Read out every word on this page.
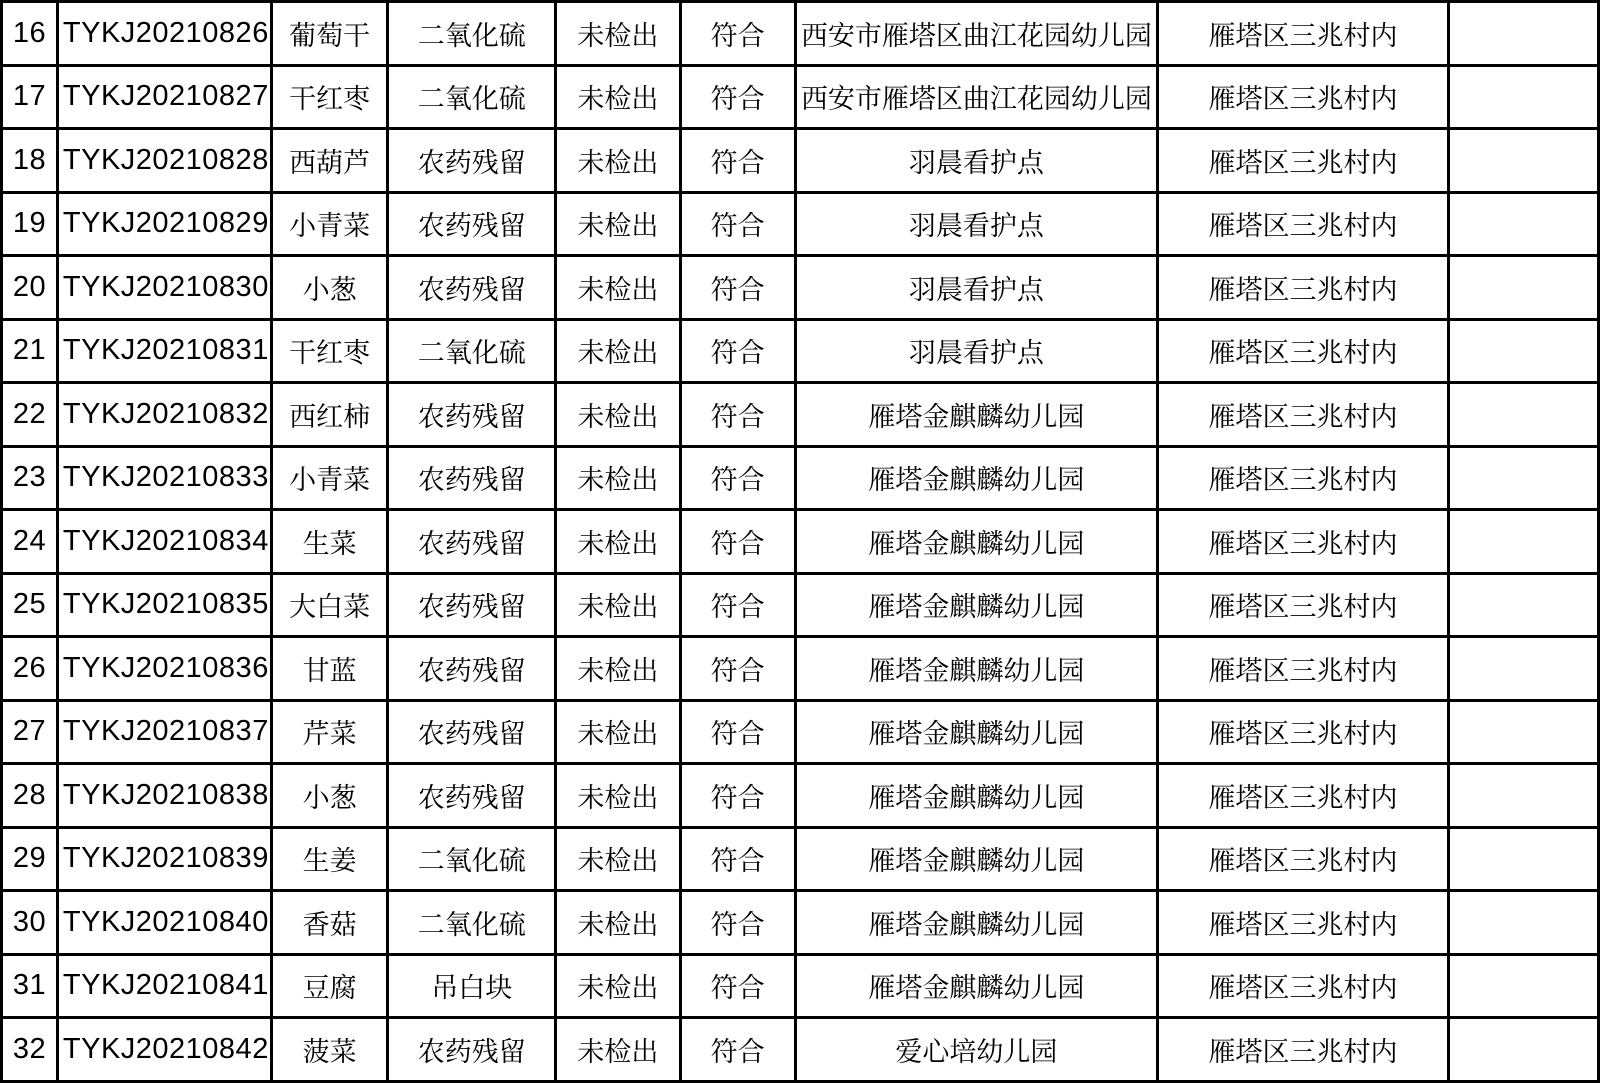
16	TYKJ20210826	葡萄干	二氧化硫	未检出	符合	西安市雁塔区曲江花园幼儿园	雁塔区三兆村内	
17	TYKJ20210827	干红枣	二氧化硫	未检出	符合	西安市雁塔区曲江花园幼儿园	雁塔区三兆村内	
18	TYKJ20210828	西葫芦	农药残留	未检出	符合	羽晨看护点	雁塔区三兆村内	
19	TYKJ20210829	小青菜	农药残留	未检出	符合	羽晨看护点	雁塔区三兆村内	
20	TYKJ20210830	小葱	农药残留	未检出	符合	羽晨看护点	雁塔区三兆村内	
21	TYKJ20210831	干红枣	二氧化硫	未检出	符合	羽晨看护点	雁塔区三兆村内	
22	TYKJ20210832	西红柿	农药残留	未检出	符合	雁塔金麒麟幼儿园	雁塔区三兆村内	
23	TYKJ20210833	小青菜	农药残留	未检出	符合	雁塔金麒麟幼儿园	雁塔区三兆村内	
24	TYKJ20210834	生菜	农药残留	未检出	符合	雁塔金麒麟幼儿园	雁塔区三兆村内	
25	TYKJ20210835	大白菜	农药残留	未检出	符合	雁塔金麒麟幼儿园	雁塔区三兆村内	
26	TYKJ20210836	甘蓝	农药残留	未检出	符合	雁塔金麒麟幼儿园	雁塔区三兆村内	
27	TYKJ20210837	芹菜	农药残留	未检出	符合	雁塔金麒麟幼儿园	雁塔区三兆村内	
28	TYKJ20210838	小葱	农药残留	未检出	符合	雁塔金麒麟幼儿园	雁塔区三兆村内	
29	TYKJ20210839	生姜	二氧化硫	未检出	符合	雁塔金麒麟幼儿园	雁塔区三兆村内	
30	TYKJ20210840	香菇	二氧化硫	未检出	符合	雁塔金麒麟幼儿园	雁塔区三兆村内	
31	TYKJ20210841	豆腐	吊白块	未检出	符合	雁塔金麒麟幼儿园	雁塔区三兆村内	
32	TYKJ20210842	菠菜	农药残留	未检出	符合	爱心培幼儿园	雁塔区三兆村内	
